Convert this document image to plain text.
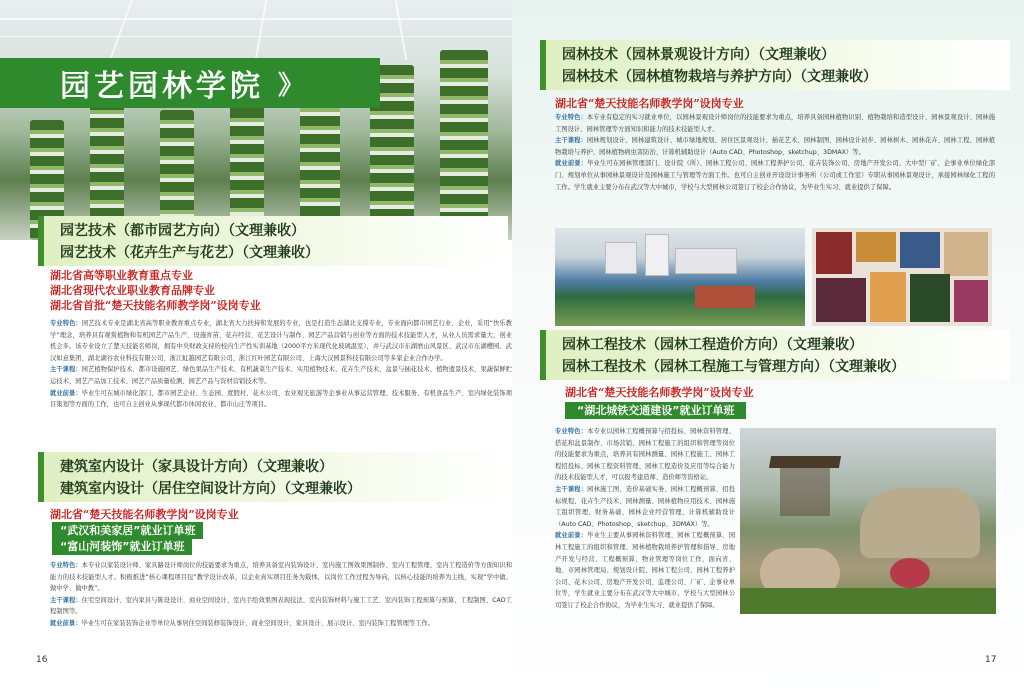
园艺园林学院 》
园艺技术（都市园艺方向）（文理兼收）
园艺技术（花卉生产与花艺）（文理兼收）
湖北省高等职业教育重点专业
湖北省现代农业职业教育品牌专业
湖北省首批“楚天技能名师教学岗”设岗专业
专业特色：园艺技术专业是湖北省高等职业教育重点专业，湖北省大力扶持和发展的专业，也是打造生态湖北支撑专业，专业面向都市园艺行业、企业，采用“快乐教学”理念，培养具有观赏植物和有机园艺产品生产、设施育苗、花卉经营、花艺设计与制作、园艺产品营销与创业等方面的技术技能型人才，从业人员需求量大，创业机会多。该专业设立了楚天技能名师岗，拥有中央财政支持的校内生产性实训基地（2000平方米现代化玻璃温室），并与武汉市东湖磨山风景区、武汉市东湖樱园、武汉如意集团、湖北湖谷农业科技有限公司、浙江虹越园艺有限公司、浙江红叶园艺有限公司、上海大汉园景科技有限公司等多家企业合作办学。
主干课程：园艺植物保护技术、都市设施园艺、绿色果品生产技术、有机蔬菜生产技术、实用植物技术、花卉生产技术、盆景与插花技术、植物遗景技术、果蔬保鲜贮运技术、园艺产品加工技术、园艺产品质量检测、园艺产品与资材营销技术等。
就业前景：毕业生可在城市绿化部门、都市园艺企业、生态园、度假村、花木公司、农业观光旅游等企事业从事运营管理、技术服务、有机食品生产、室内绿化装饰项目策划等方面的工作，也可自主创业从事现代都市休闲农业、都市山庄等项目。
建筑室内设计（家具设计方向）（文理兼收）
建筑室内设计（居住空间设计方向）（文理兼收）
湖北省“楚天技能名师教学岗”设岗专业
“武汉和美家居”就业订单班
“富山河装饰”就业订单班
专业特色：本专业以家装设计师、家具路设计师岗位的技能要求为重点，培养具备室内装饰设计、室内施工图效果图制作、室内工程管理、室内工程造价等方面知识和能力的技术技能型人才。积极推进“核心课程项目包”教学设计改革，以企业真实项目任务为载体，以岗位工作过程为导向，以核心技能的培养为主线，实现“学中做、做中学、做中教”。
主干课程：住宅空间设计、室内家具与陈设设计、商业空间设计、室内手绘效果图表现技法、室内装饰材料与施工工艺、室内装饰工程预算与预算、工程制图、CAD工程制图等。
就业前景：毕业生可在家装装饰企业等单位从事居住空间装修装饰设计、商业空间设计、家具设计、展示设计、室内装饰工程管理等工作。
16
园林技术（园林景观设计方向）（文理兼收）
园林技术（园林植物栽培与养护方向）（文理兼收）
湖北省“楚天技能名师教学岗”设岗专业
专业特色：本专业有稳定的实习就业单位，以园林景观设计师岗位的技能要求为重点，培养具备园林植物识别、植物栽培和造型设计、园林景观设计、园林施工图设计、园林管理等方面知识和能力的技术技能型人才。
主干课程：园林规划设计、园林建筑设计、城市绿地规划、居住区景观设计、插花艺术、园林制图、园林设计初步、园林树木、园林花卉、园林工程、园林植物栽培与养护、园林植物病虫害防治、计算机辅助设计（Auto CAD、Photoshop、sketchup、3DMAX）等。
就业前景：毕业生可在园林管理部门、设计院（所）、园林工程公司、园林工程养护公司、花卉装饰公司、房地产开发公司、大中型厂矿、企事业单位绿化部门、规划单位从事园林景观设计及园林施工与管理等方面工作。也可自主创业开设设计事务所（公司或工作室）专职从事园林景观设计，承接园林绿化工程的工作。学生就业主要分布在武汉等大中城市，学校与大型园林公司签订了校企合作协议，为毕业生实习、就业提供了保障。
园林工程技术（园林工程造价方向）（文理兼收）
园林工程技术（园林工程施工与管理方向）（文理兼收）
湖北省“楚天技能名师教学岗”设岗专业
“湖北城铁交通建设”就业订单班
专业特色：本专业以园林工程概预算与招投标、园林资料管理、搭花和盆景制作、市场营销、园林工程施工的组织和管理等岗位的技能要求为重点，培养具有园林测量、园林工程施工、园林工程招投标、园林工程资料管理、园林工程造价及应用等综合能力的技术技能型人才，可以报考建造师、造价师等资格证。
主干课程：园林施工图、造价基础实务、园林工程概预算、招投标规程、花卉生产技术、园林测量、园林植物应用技术、园林施工组织管理、财务基础、园林企业经营管理、计算机辅助设计（Auto CAD、Photoshop、sketchup、3DMAX）等。
就业前景：毕业生主要从事园林资料管理、园林工程概预算、园林工程施工的组织和管理、园林植物栽培养护管理和指导、房地产开发与经营、工程概预算、物业管理等岗位工作，面向省、地、市园林管理局、规划设计院、园林工程公司、园林工程养护公司、花木公司、房地产开发公司、监理公司、厂矿、企事业单位等，学生就业主要分布在武汉等大中城市，学校与大型园林公司签订了校企合作协议，为毕业生实习、就业提供了保障。
17
